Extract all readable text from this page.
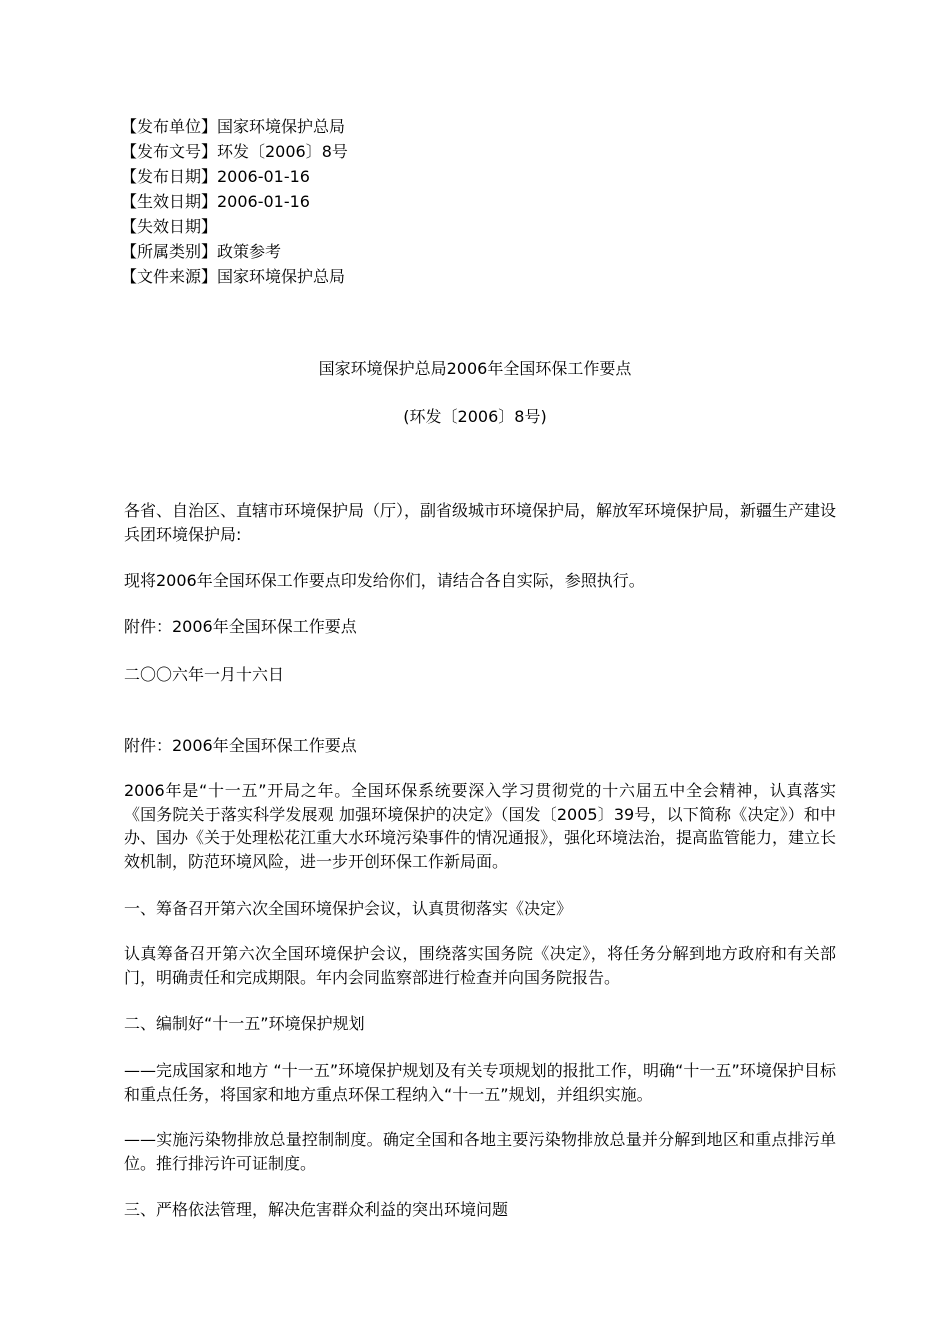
【发布单位】国家环境保护总局
【发布文号】环发〔2006〕8号
【发布日期】2006-01-16
【生效日期】2006-01-16
【失效日期】
【所属类别】政策参考
【文件来源】国家环境保护总局
国家环境保护总局2006年全国环保工作要点
(环发〔2006〕8号)
各省、自治区、直辖市环境保护局（厅），副省级城市环境保护局，解放军环境保护局，新疆生产建设兵团环境保护局:
现将2006年全国环保工作要点印发给你们，请结合各自实际，参照执行。
附件：2006年全国环保工作要点
二〇〇六年一月十六日
附件：2006年全国环保工作要点
2006年是“十一五”开局之年。全国环保系统要深入学习贯彻党的十六届五中全会精神，认真落实《国务院关于落实科学发展观 加强环境保护的决定》（国发〔2005〕39号，以下简称《决定》）和中办、国办《关于处理松花江重大水环境污染事件的情况通报》，强化环境法治，提高监管能力，建立长效机制，防范环境风险，进一步开创环保工作新局面。
一、筹备召开第六次全国环境保护会议，认真贯彻落实《决定》
认真筹备召开第六次全国环境保护会议，围绕落实国务院《决定》，将任务分解到地方政府和有关部门，明确责任和完成期限。年内会同监察部进行检查并向国务院报告。
二、编制好“十一五”环境保护规划
——完成国家和地方 “十一五”环境保护规划及有关专项规划的报批工作，明确“十一五”环境保护目标和重点任务，将国家和地方重点环保工程纳入“十一五”规划，并组织实施。
——实施污染物排放总量控制制度。确定全国和各地主要污染物排放总量并分解到地区和重点排污单位。推行排污许可证制度。
三、严格依法管理，解决危害群众利益的突出环境问题
